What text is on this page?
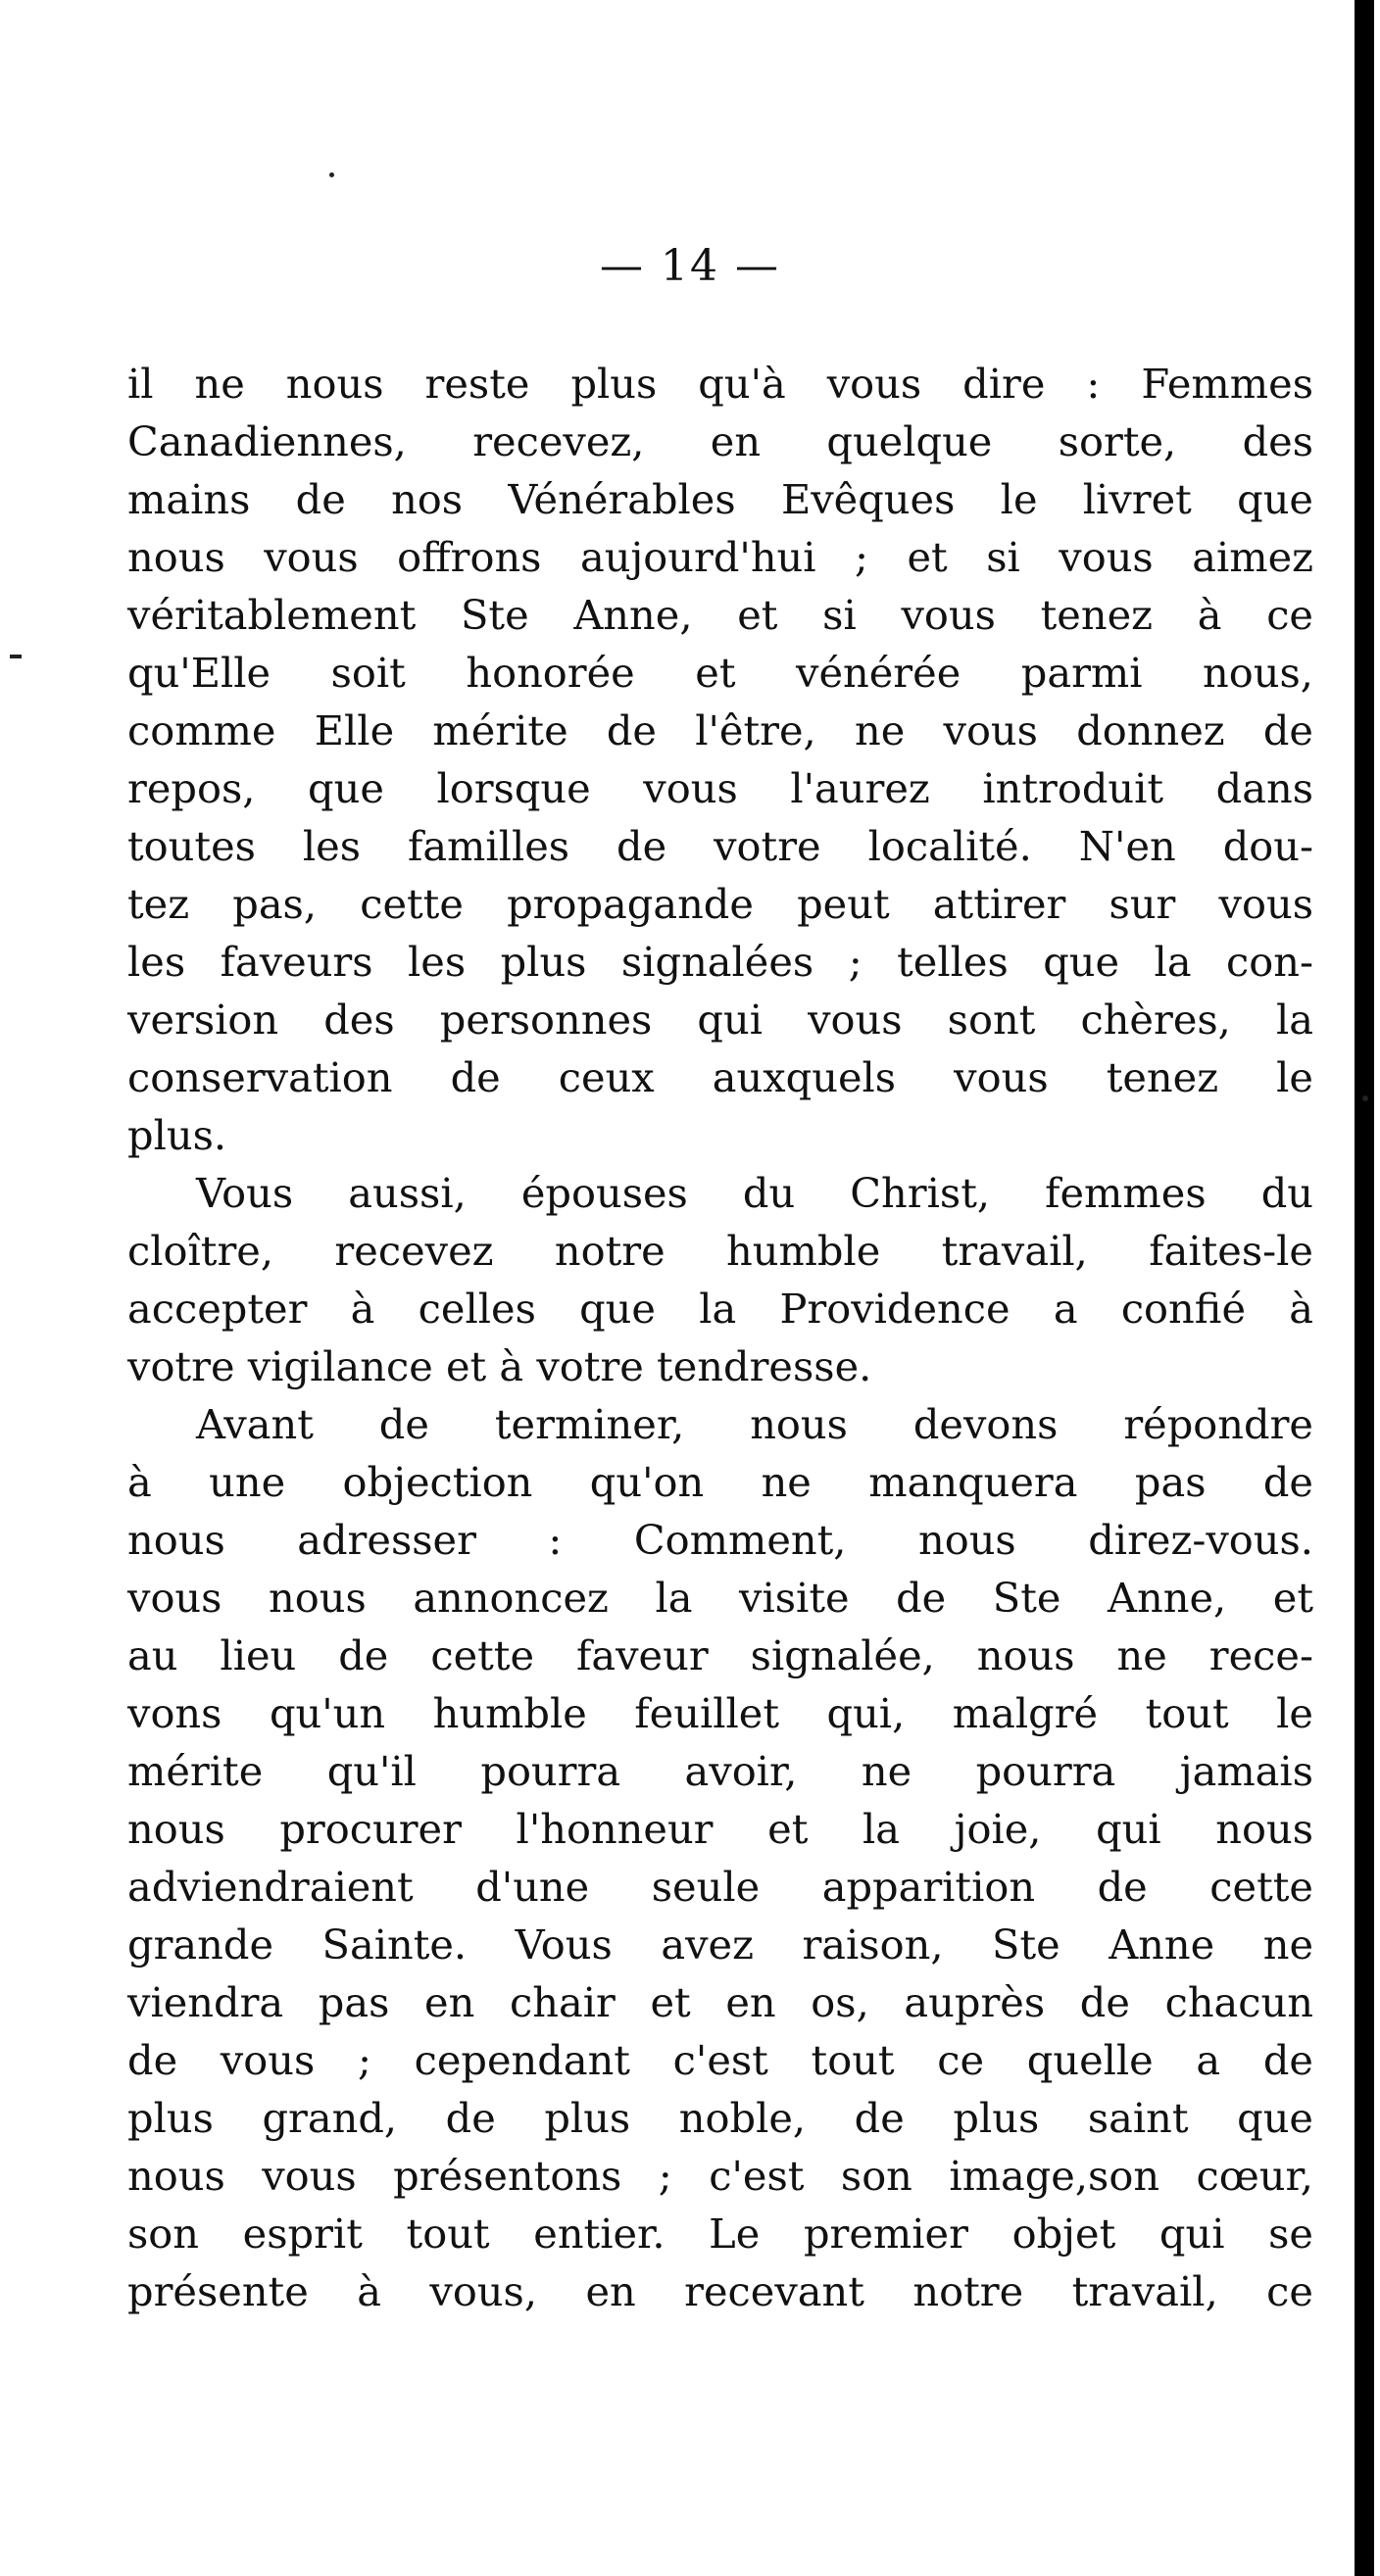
— 14 —
il ne nous reste plus qu'à vous dire : Femmes
Canadiennes, recevez, en quelque sorte, des
mains de nos Vénérables Evêques le livret que
nous vous offrons aujourd'hui ; et si vous aimez
véritablement Ste Anne, et si vous tenez à ce
qu'Elle soit honorée et vénérée parmi nous,
comme Elle mérite de l'être, ne vous donnez de
repos, que lorsque vous l'aurez introduit dans
toutes les familles de votre localité. N'en dou-
tez pas, cette propagande peut attirer sur vous
les faveurs les plus signalées ; telles que la con-
version des personnes qui vous sont chères, la
conservation de ceux auxquels vous tenez le
plus.
Vous aussi, épouses du Christ, femmes du
cloître, recevez notre humble travail, faites-le
accepter à celles que la Providence a confié à
votre vigilance et à votre tendresse.
Avant de terminer, nous devons répondre
à une objection qu'on ne manquera pas de
nous adresser : Comment, nous direz-vous.
vous nous annoncez la visite de Ste Anne, et
au lieu de cette faveur signalée, nous ne rece-
vons qu'un humble feuillet qui, malgré tout le
mérite qu'il pourra avoir, ne pourra jamais
nous procurer l'honneur et la joie, qui nous
adviendraient d'une seule apparition de cette
grande Sainte. Vous avez raison, Ste Anne ne
viendra pas en chair et en os, auprès de chacun
de vous ; cependant c'est tout ce quelle a de
plus grand, de plus noble, de plus saint que
nous vous présentons ; c'est son image,son cœur,
son esprit tout entier. Le premier objet qui se
présente à vous, en recevant notre travail, ce
